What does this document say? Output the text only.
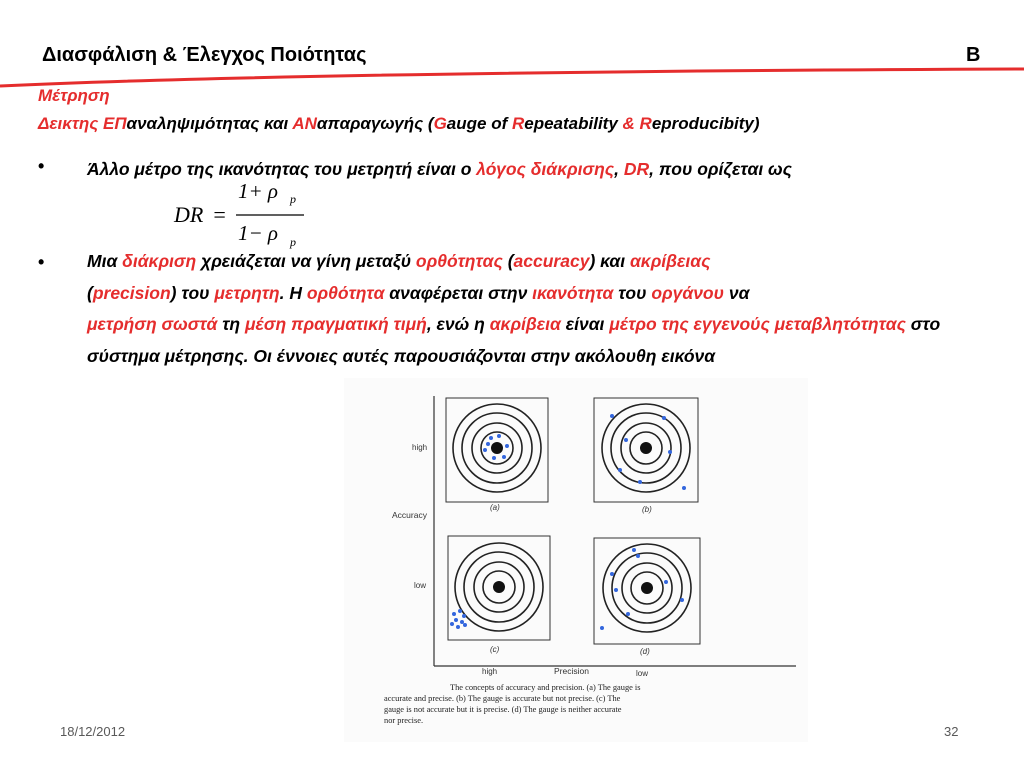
Διασφάλιση & Έλεγχος Ποιότητας	B
Μέτρηση
Δεικτης ΕΠαναληψιμότητας και ΑΝαπαραγωγής (Gauge of Repeatability & Reproducibity)
• Άλλο μέτρο της ικανότητας του μετρητή είναι ο λόγος διάκρισης, DR, που ορίζεται ως
DR =
1+ ρ p
1− ρ p
• Μια διάκριση χρειάζεται να γίνη μεταξύ ορθότητας (accuracy) και ακρίβειας
(precision) του μετρητη. Η ορθότητα αναφέρεται στην ικανότητα του οργάνου να
μετρήση σωστά τη μέση πραγματική τιμή, ενώ η ακρίβεια είναι μέτρο της εγγενούς μεταβλητότητας στο σύστημα μέτρησης. Οι έννοιες αυτές παρουσιάζονται στην ακόλουθη εικόνα
high
Accuracy
low
high	Precision	low
(a)	(b)
(c)	(d)
The concepts of accuracy and precision. (a) The gauge is
accurate and precise. (b) The gauge is accurate but not precise. (c) The
gauge is not accurate but it is precise. (d) The gauge is neither accurate
nor precise.
18/12/2012	32
